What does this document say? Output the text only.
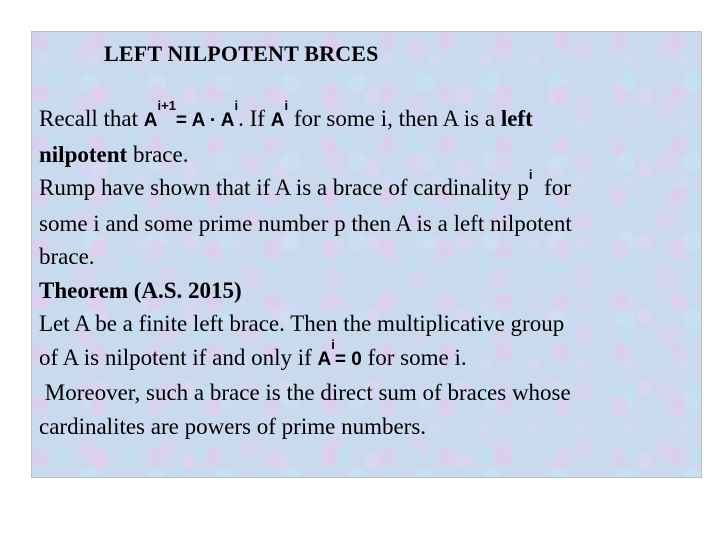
LEFT NILPOTENT BRCES
Recall that $A^{i+1}= A \cdot A^i$. If $A^i$ for some i, then A is a left
nilpotent brace.
Rump have shown that if A is a brace of cardinality $p^i$  for
some i and some prime number p then A is a left nilpotent
brace.
Theorem (A.S. 2015)
Let A be a finite left brace. Then the multiplicative group
of A is nilpotent if and only if $A^i= 0$ for some i.
Moreover, such a brace is the direct sum of braces whose
cardinalites are powers of prime numbers.
